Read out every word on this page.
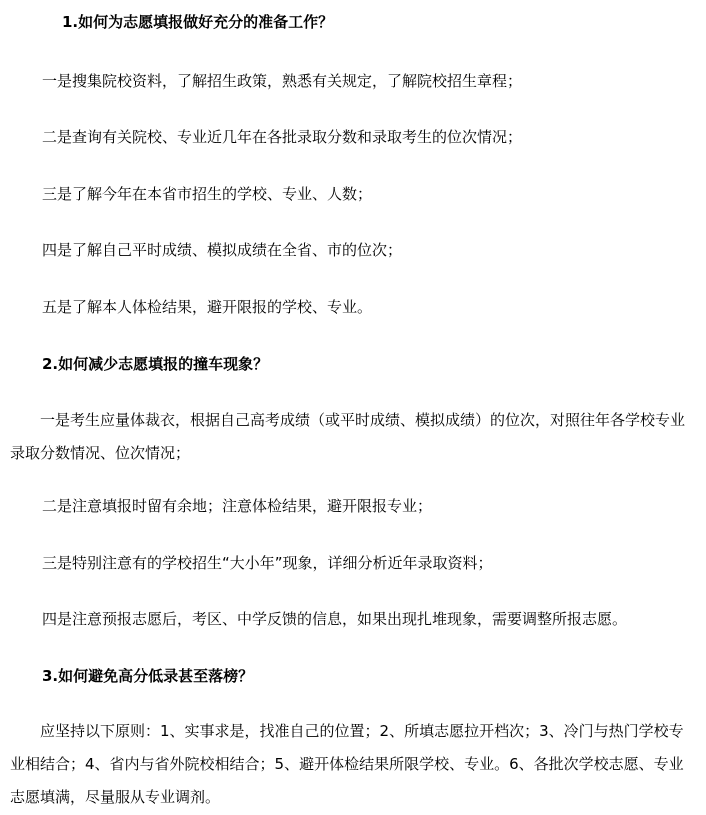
1.如何为志愿填报做好充分的准备工作？
一是搜集院校资料，了解招生政策，熟悉有关规定，了解院校招生章程；
二是查询有关院校、专业近几年在各批录取分数和录取考生的位次情况；
三是了解今年在本省市招生的学校、专业、人数；
四是了解自己平时成绩、模拟成绩在全省、市的位次；
五是了解本人体检结果，避开限报的学校、专业。
2.如何减少志愿填报的撞车现象？
一是考生应量体裁衣，根据自己高考成绩（或平时成绩、模拟成绩）的位次，对照往年各学校专业录取分数情况、位次情况；
二是注意填报时留有余地；注意体检结果，避开限报专业；
三是特别注意有的学校招生“大小年”现象，详细分析近年录取资料；
四是注意预报志愿后，考区、中学反馈的信息，如果出现扎堆现象，需要调整所报志愿。
3.如何避免高分低录甚至落榜？
应坚持以下原则：1、实事求是，找准自己的位置；2、所填志愿拉开档次；3、冷门与热门学校专业相结合；4、省内与省外院校相结合；5、避开体检结果所限学校、专业。6、各批次学校志愿、专业志愿填满，尽量服从专业调剂。
